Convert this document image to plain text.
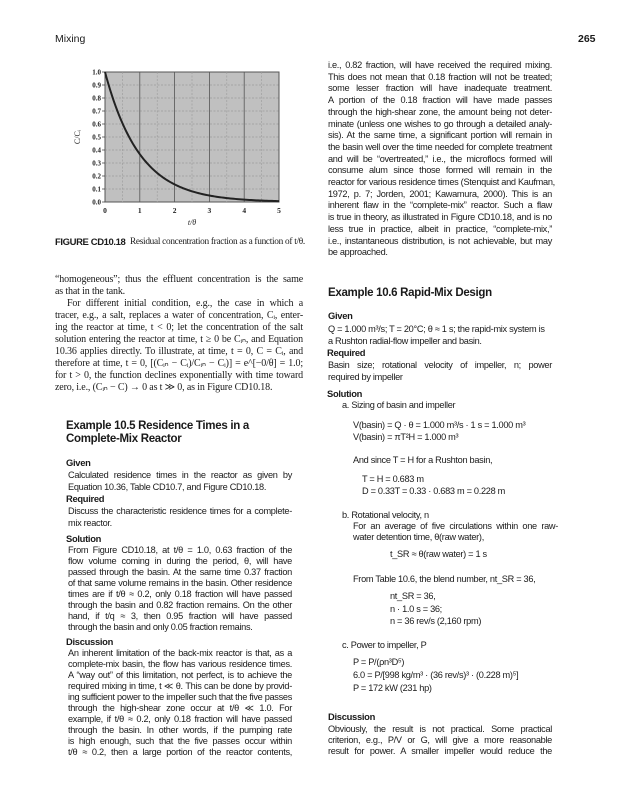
Mixing	265
0.0
0.1
0.2
0.3
0.4
0.5
0.6
0.7
0.8
0.9
1.0
0	1	2	3	4	5
t/θ
C/Cᵢ
FIGURE CD10.18 Residual concentration fraction as a function of t/θ.
Example 10.5 Residence Times in a
Complete-Mix Reactor
Given
Required
Solution
Discussion
Example 10.6 Rapid-Mix Design
Given
Required
Solution
Discussion
“homogeneous”; thus the effluent concentration is the same
as that in the tank.
For different initial condition, e.g., the case in which a
tracer, e.g., a salt, replaces a water of concentration, Cᵢ, enter-
ing the reactor at time, t < 0; let the concentration of the salt
solution entering the reactor at time, t ≥ 0 be Cᵢₙ, and Equation
10.36 applies directly. To illustrate, at time, t = 0, C = Cᵢ, and
therefore at time, t = 0, [(Cᵢₙ − Cᵢ)/Cᵢₙ − Cᵢ)] = e^[−0/θ] = 1.0;
for t > 0, the function declines exponentially with time toward
zero, i.e., (Cᵢₙ − C) → 0 as t ≫ 0, as in Figure CD10.18.
Calculated residence times in the reactor as given by
Equation 10.36, Table CD10.7, and Figure CD10.18.
Discuss the characteristic residence times for a complete-
mix reactor.
From Figure CD10.18, at t/θ = 1.0, 0.63 fraction of the
flow volume coming in during the period, θ, will have
passed through the basin. At the same time 0.37 fraction
of that same volume remains in the basin. Other residence
times are if t/θ ≈ 0.2, only 0.18 fraction will have passed
through the basin and 0.82 fraction remains. On the other
hand, if t/q ≈ 3, then 0.95 fraction will have passed
through the basin and only 0.05 fraction remains.
An inherent limitation of the back-mix reactor is that, as a
complete-mix basin, the flow has various residence times.
A “way out” of this limitation, not perfect, is to achieve the
required mixing in time, t ≪ θ. This can be done by provid-
ing sufficient power to the impeller such that the five passes
through the high-shear zone occur at t/θ ≪ 1.0. For
example, if t/θ ≈ 0.2, only 0.18 fraction will have passed
through the basin. In other words, if the pumping rate
is high enough, such that the five passes occur within
t/θ ≈ 0.2, then a large portion of the reactor contents,
i.e., 0.82 fraction, will have received the required mixing.
This does not mean that 0.18 fraction will not be treated;
some lesser fraction will have inadequate treatment.
A portion of the 0.18 fraction will have made passes
through the high-shear zone, the amount being not deter-
minate (unless one wishes to go through a detailed analy-
sis). At the same time, a significant portion will remain in
the basin well over the time needed for complete treatment
and will be “overtreated,” i.e., the microflocs formed will
consume alum since those formed will remain in the
reactor for various residence times (Stenquist and Kaufman,
1972, p. 7; Jorden, 2001; Kawamura, 2000). This is an
inherent flaw in the “complete-mix” reactor. Such a flaw
is true in theory, as illustrated in Figure CD10.18, and is no
less true in practice, albeit in practice, “complete-mix,”
i.e., instantaneous distribution, is not achievable, but may
be approached.
Q = 1.000 m³/s; T = 20°C; θ ≈ 1 s; the rapid-mix system is
a Rushton radial-flow impeller and basin.
Basin size; rotational velocity of impeller, n; power
required by impeller
a. Sizing of basin and impeller
V(basin) = Q · θ = 1.000 m³/s · 1 s = 1.000 m³
V(basin) = πT²H = 1.000 m³
And since T = H for a Rushton basin,
T = H = 0.683 m
D = 0.33T = 0.33 · 0.683 m = 0.228 m
b. Rotational velocity, n
For an average of five circulations within one raw-
water detention time, θ(raw water),
t_SR ≈ θ(raw water) = 1 s
From Table 10.6, the blend number, nt_SR = 36,
nt_SR = 36,
n · 1.0 s = 36;
n = 36 rev/s (2,160 rpm)
c. Power to impeller, P
P = P/(ρn³D⁵)
6.0 = P/[998 kg/m³ · (36 rev/s)³ · (0.228 m)⁵]
P = 172 kW (231 hp)
Obviously, the result is not practical. Some practical
criterion, e.g., P/V or G, will give a more reasonable
result for power. A smaller impeller would reduce the
